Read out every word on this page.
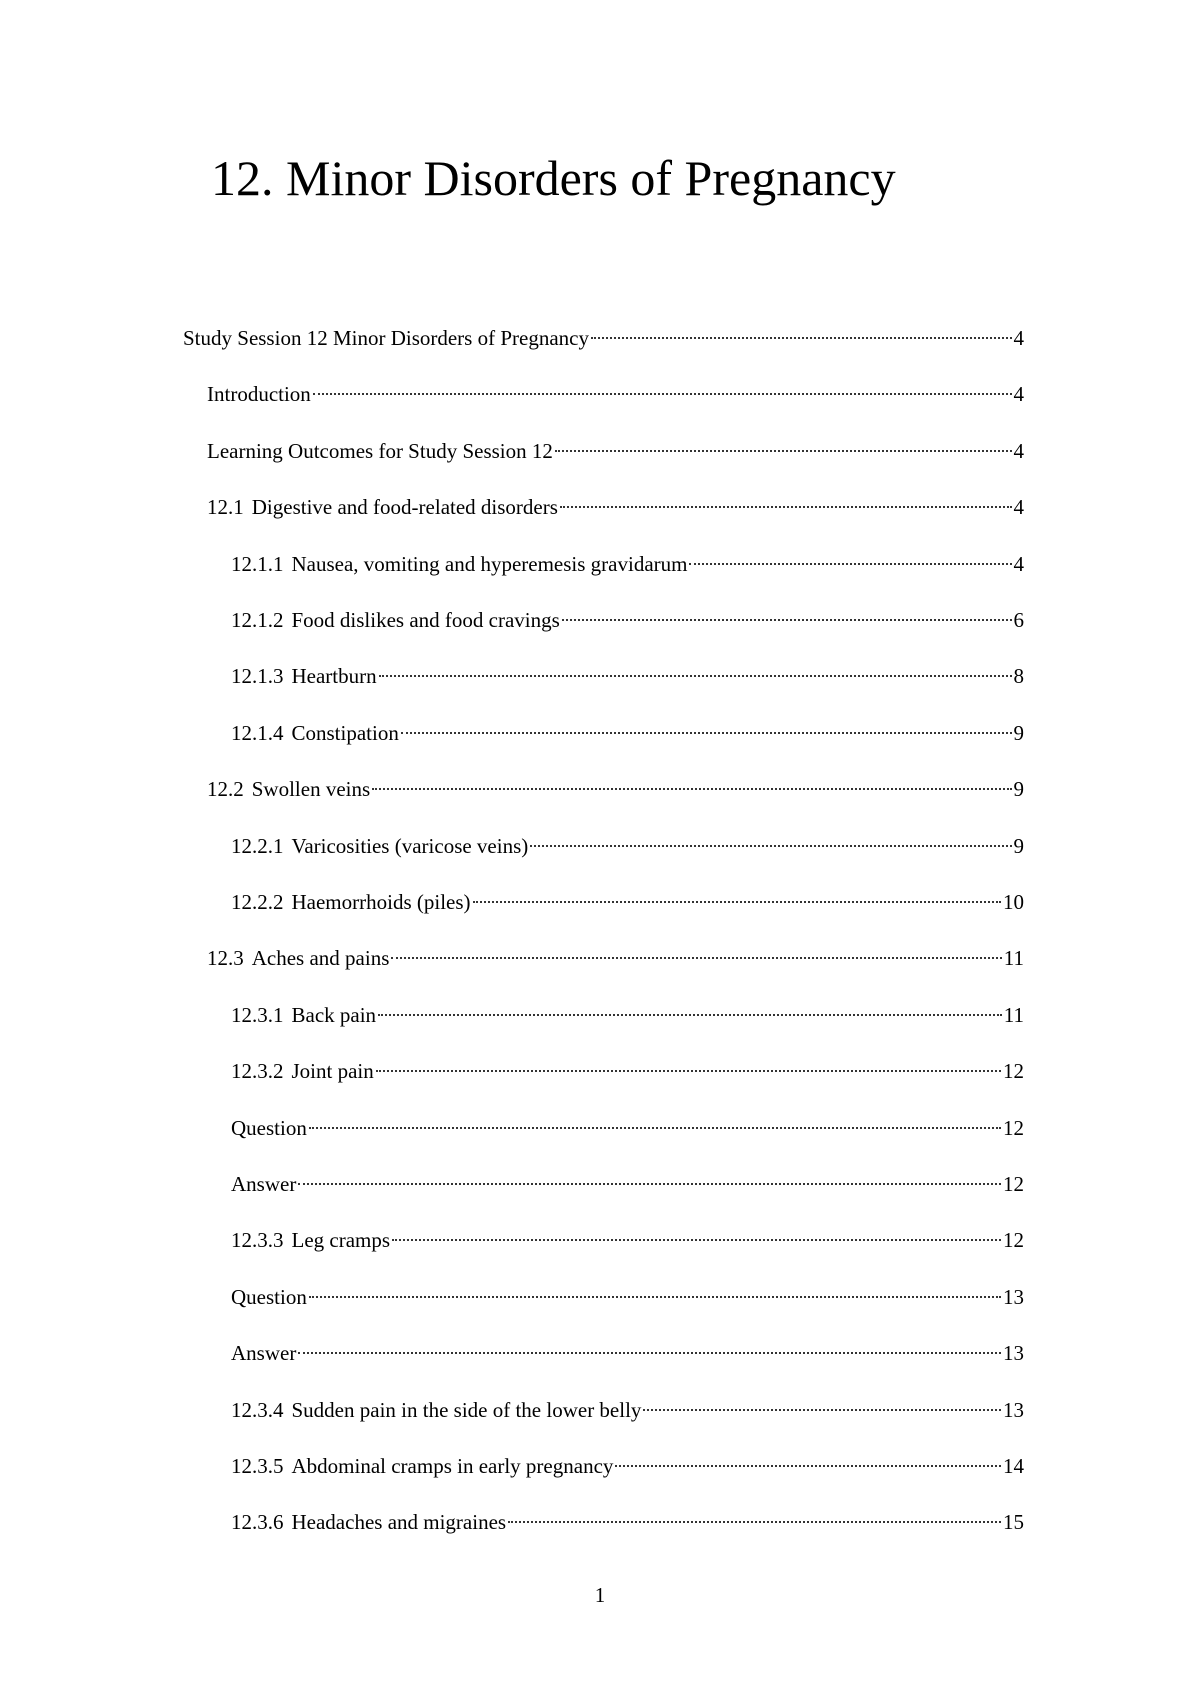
12. Minor Disorders of Pregnancy
Study Session 12 Minor Disorders of Pregnancy	4
Introduction	4
Learning Outcomes for Study Session 12	4
12.1 Digestive and food-related disorders	4
12.1.1 Nausea, vomiting and hyperemesis gravidarum	4
12.1.2 Food dislikes and food cravings	6
12.1.3 Heartburn	8
12.1.4 Constipation	9
12.2 Swollen veins	9
12.2.1 Varicosities (varicose veins)	9
12.2.2 Haemorrhoids (piles)	10
12.3 Aches and pains	11
12.3.1 Back pain	11
12.3.2 Joint pain	12
Question	12
Answer	12
12.3.3 Leg cramps	12
Question	13
Answer	13
12.3.4 Sudden pain in the side of the lower belly	13
12.3.5 Abdominal cramps in early pregnancy	14
12.3.6 Headaches and migraines	15
1
